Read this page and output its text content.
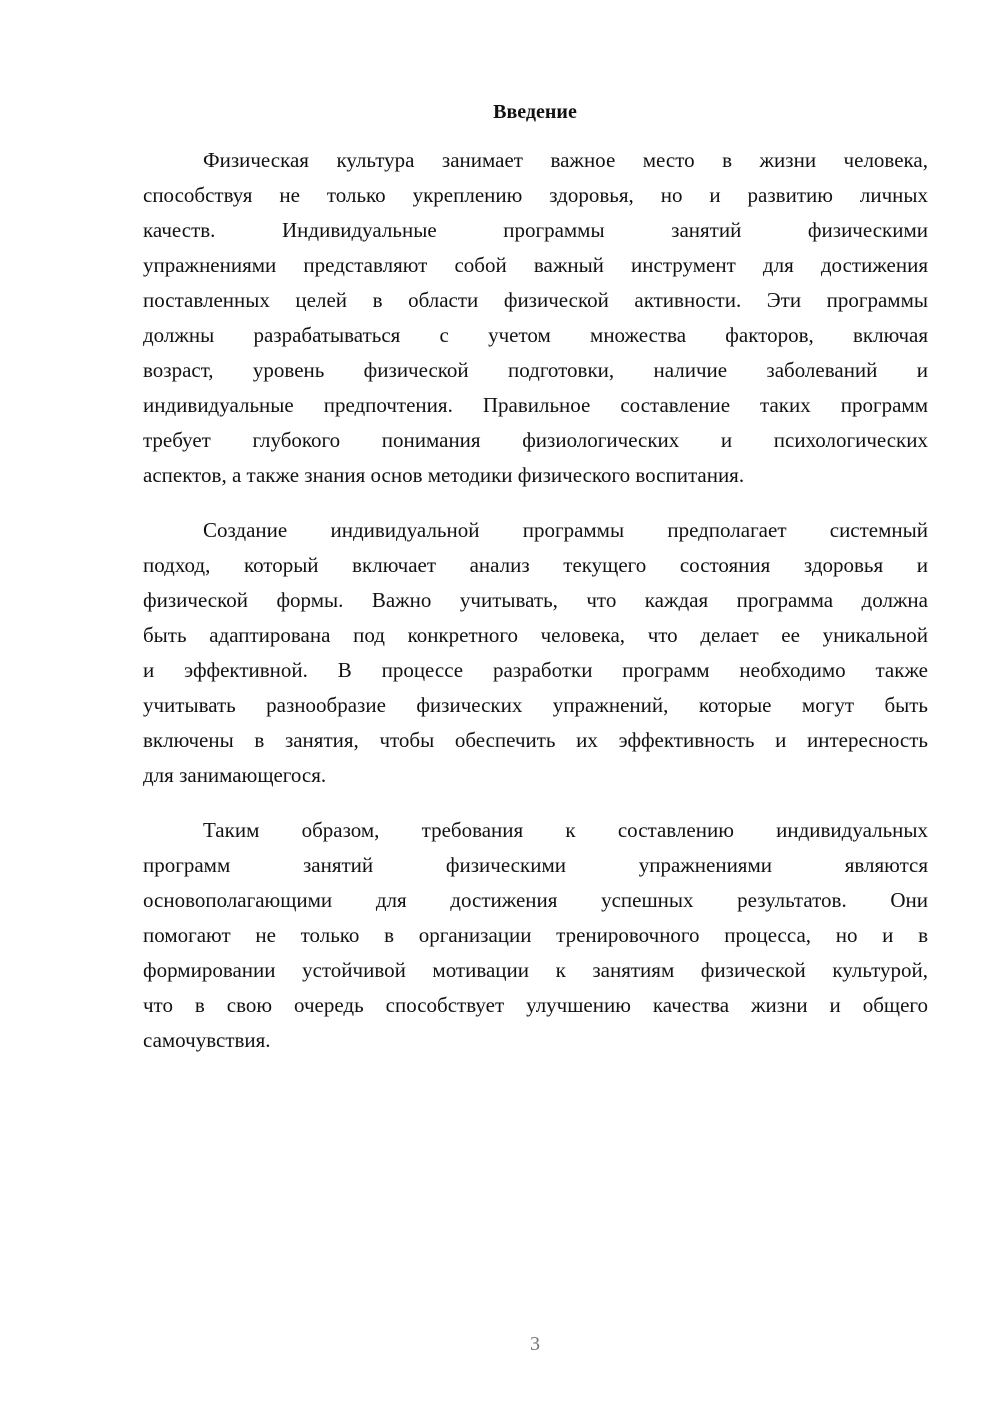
Введение
Физическая культура занимает важное место в жизни человека,
способствуя не только укреплению здоровья, но и развитию личных
качеств. Индивидуальные программы занятий физическими
упражнениями представляют собой важный инструмент для достижения
поставленных целей в области физической активности. Эти программы
должны разрабатываться с учетом множества факторов, включая
возраст, уровень физической подготовки, наличие заболеваний и
индивидуальные предпочтения. Правильное составление таких программ
требует глубокого понимания физиологических и психологических
аспектов, а также знания основ методики физического воспитания.
Создание индивидуальной программы предполагает системный
подход, который включает анализ текущего состояния здоровья и
физической формы. Важно учитывать, что каждая программа должна
быть адаптирована под конкретного человека, что делает ее уникальной
и эффективной. В процессе разработки программ необходимо также
учитывать разнообразие физических упражнений, которые могут быть
включены в занятия, чтобы обеспечить их эффективность и интересность
для занимающегося.
Таким образом, требования к составлению индивидуальных
программ занятий физическими упражнениями являются
основополагающими для достижения успешных результатов. Они
помогают не только в организации тренировочного процесса, но и в
формировании устойчивой мотивации к занятиям физической культурой,
что в свою очередь способствует улучшению качества жизни и общего
самочувствия.
3
